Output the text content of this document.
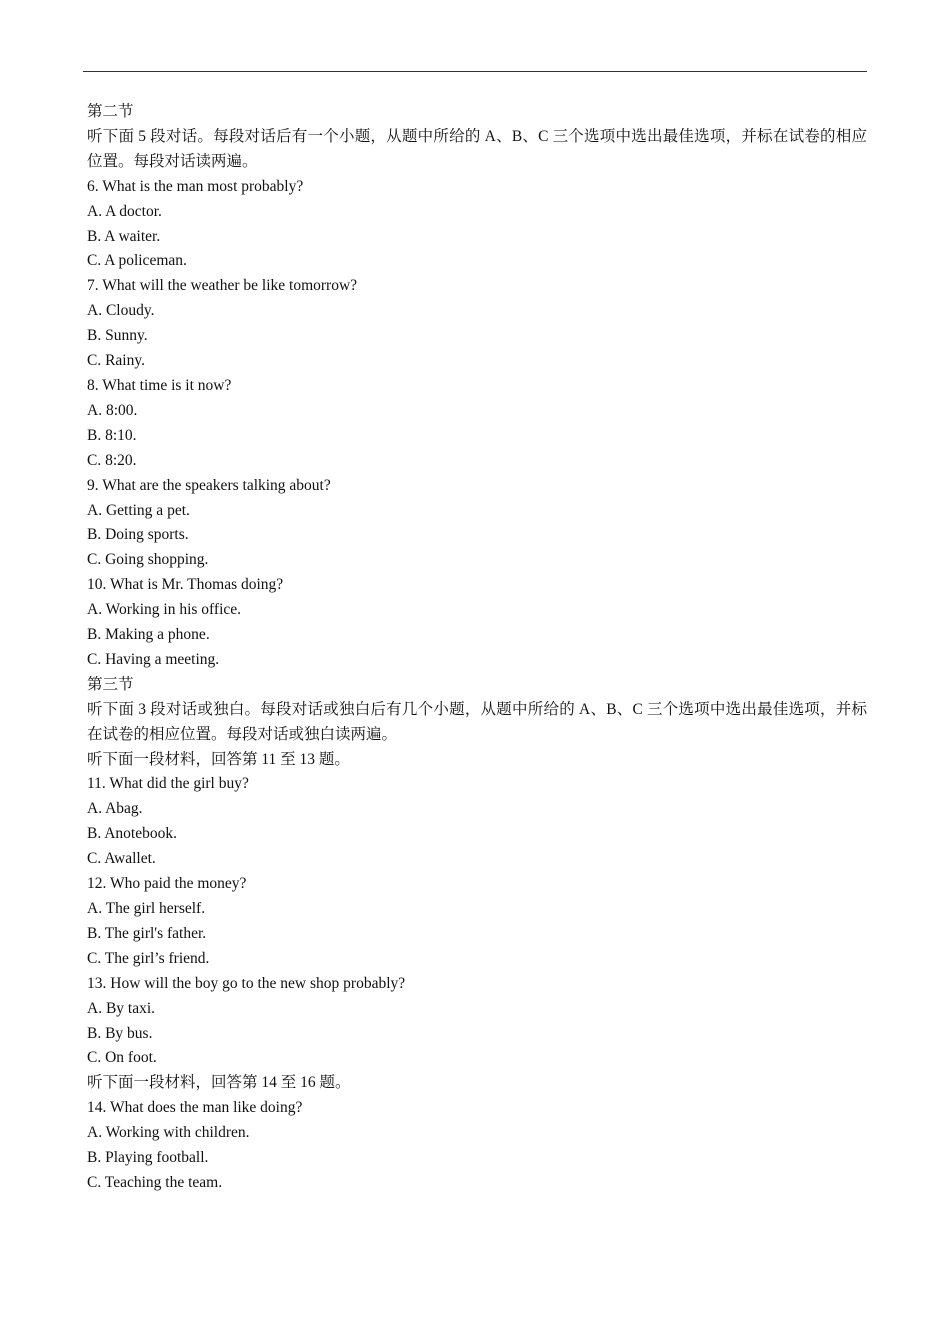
第二节
听下面 5 段对话。每段对话后有一个小题，从题中所给的 A、B、C 三个选项中选出最佳选项，并标在试卷的相应位置。每段对话读两遍。
6. What is the man most probably?
A. A doctor.
B. A waiter.
C. A policeman.
7. What will the weather be like tomorrow?
A. Cloudy.
B. Sunny.
C. Rainy.
8. What time is it now?
A. 8:00.
B. 8:10.
C. 8:20.
9. What are the speakers talking about?
A. Getting a pet.
B. Doing sports.
C. Going shopping.
10. What is Mr. Thomas doing?
A. Working in his office.
B. Making a phone.
C. Having a meeting.
第三节
听下面 3 段对话或独白。每段对话或独白后有几个小题，从题中所给的 A、B、C 三个选项中选出最佳选项，并标在试卷的相应位置。每段对话或独白读两遍。
听下面一段材料，回答第 11 至 13 题。
11. What did the girl buy?
A. Abag.
B. Anotebook.
C. Awallet.
12. Who paid the money?
A. The girl herself.
B. The girl's father.
C. The girl’s friend.
13. How will the boy go to the new shop probably?
A. By taxi.
B. By bus.
C. On foot.
听下面一段材料，回答第 14 至 16 题。
14. What does the man like doing?
A. Working with children.
B. Playing football.
C. Teaching the team.
